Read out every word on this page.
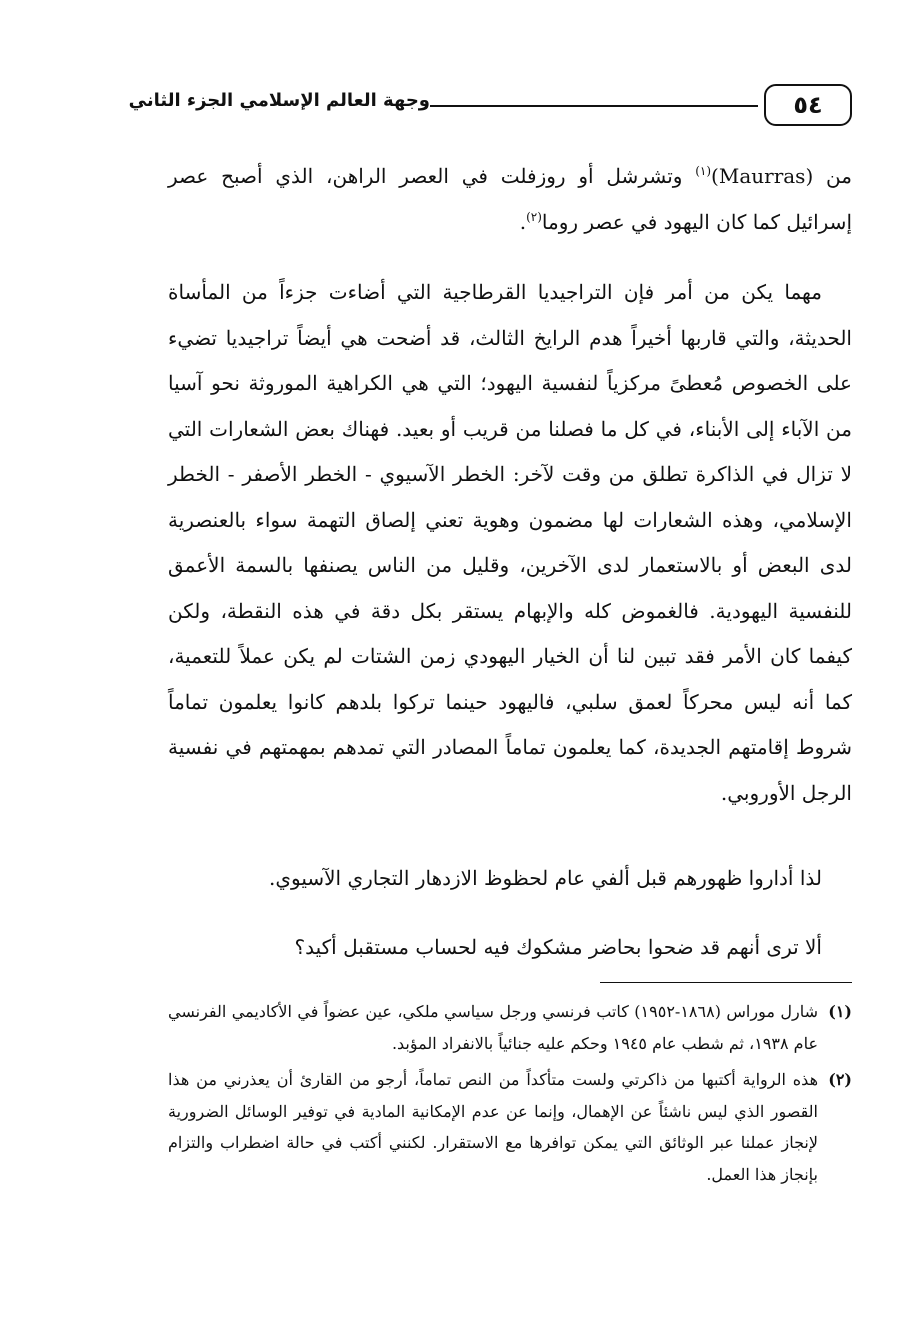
٥٤
وجهة العالم الإسلامي الجزء الثاني

من (Maurras)$^{(١)}$ وتشرشل أو روزفلت في العصر الراهن، الذي أصبح عصر إسرائيل كما كان اليهود في عصر روما$^{(٢)}$.

مهما يكن من أمر فإن التراجيديا القرطاجية التي أضاءت جزءاً من المأساة الحديثة، والتي قاربها أخيراً هدم الرايخ الثالث، قد أضحت هي أيضاً تراجيديا تضيء على الخصوص مُعطىً مركزياً لنفسية اليهود؛ التي هي الكراهية الموروثة نحو آسيا من الآباء إلى الأبناء، في كل ما فصلنا من قريب أو بعيد. فهناك بعض الشعارات التي لا تزال في الذاكرة تطلق من وقت لآخر: الخطر الآسيوي - الخطر الأصفر - الخطر الإسلامي، وهذه الشعارات لها مضمون وهوية تعني إلصاق التهمة سواء بالعنصرية لدى البعض أو بالاستعمار لدى الآخرين، وقليل من الناس يصنفها بالسمة الأعمق للنفسية اليهودية. فالغموض كله والإبهام يستقر بكل دقة في هذه النقطة، ولكن كيفما كان الأمر فقد تبين لنا أن الخيار اليهودي زمن الشتات لم يكن عملاً للتعمية، كما أنه ليس محركاً لعمق سلبي، فاليهود حينما تركوا بلدهم كانوا يعلمون تماماً شروط إقامتهم الجديدة، كما يعلمون تماماً المصادر التي تمدهم بمهمتهم في نفسية الرجل الأوروبي.

لذا أداروا ظهورهم قبل ألفي عام لحظوظ الازدهار التجاري الآسيوي.

ألا ترى أنهم قد ضحوا بحاضر مشكوك فيه لحساب مستقبل أكيد؟

(١)
شارل موراس (١٨٦٨-١٩٥٢) كاتب فرنسي ورجل سياسي ملكي، عين عضواً في الأكاديمي الفرنسي عام ١٩٣٨، ثم شطب عام ١٩٤٥ وحكم عليه جنائياً بالانفراد المؤبد.
(٢)
هذه الرواية أكتبها من ذاكرتي ولست متأكداً من النص تماماً، أرجو من القارئ أن يعذرني من هذا القصور الذي ليس ناشئاً عن الإهمال، وإنما عن عدم الإمكانية المادية في توفير الوسائل الضرورية لإنجاز عملنا عبر الوثائق التي يمكن توافرها مع الاستقرار. لكنني أكتب في حالة اضطراب والتزام بإنجاز هذا العمل.
